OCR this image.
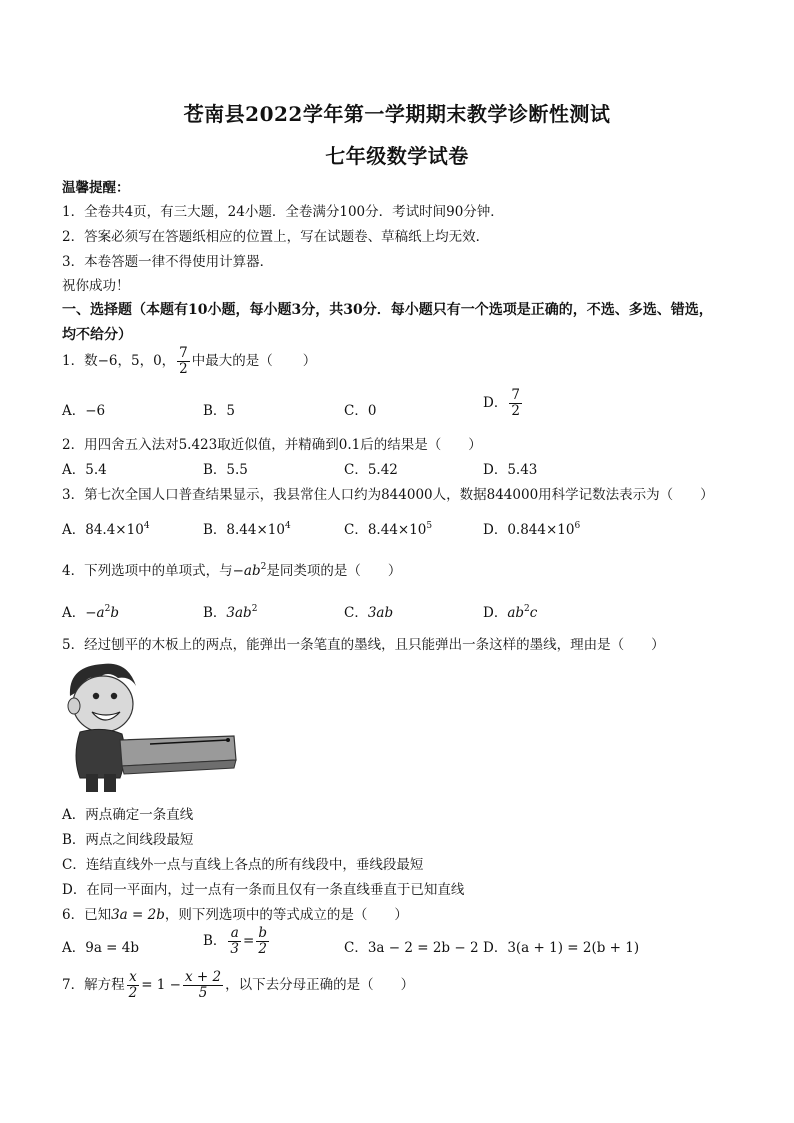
苍南县2022学年第一学期期末教学诊断性测试
七年级数学试卷
温馨提醒：
1．全卷共4页，有三大题，24小题．全卷满分100分．考试时间90分钟．
2．答案必须写在答题纸相应的位置上，写在试题卷、草稿纸上均无效．
3．本卷答题一律不得使用计算器．
祝你成功！
一、选择题（本题有10小题，每小题3分，共30分．每小题只有一个选项是正确的，不选、多选、错选，
均不给分）
1．数−6，5，0， $\frac{7}{2}$ 中最大的是（ ）
A．−6	B．5	C．0
D． $\frac{7}{2}$
2．用四舍五入法对5.423取近似值，并精确到0.1后的结果是（　　）
A．5.4	B．5.5	C．5.42	D．5.43
3．第七次全国人口普查结果显示，我县常住人口约为844000人，数据844000用科学记数法表示为（　　）
A．$84.4\times 10^4$	B．$8.44\times 10^4$	C．$8.44\times 10^5$	D．$0.844\times 10^6$
4．下列选项中的单项式，与$-ab^2$是同类项的是（　　）
A．$-a^2b$	B．$3ab^2$	C．3ab	D．$ab^2c$
5．经过刨平的木板上的两点，能弹出一条笔直的墨线，且只能弹出一条这样的墨线，理由是（　　）
A．两点确定一条直线
B．两点之间线段最短
C．连结直线外一点与直线上各点的所有线段中，垂线段最短
D．在同一平面内，过一点有一条而且仅有一条直线垂直于已知直线
6．已知3a = 2b，则下列选项中的等式成立的是（　　）
A．9a = 4b	B． $\frac{a}{3} = \frac{b}{2}$	C．3a − 2 = 2b − 2 D．3(a + 1) = 2(b + 1)
7．解方程 $\frac{x}{2} = 1 - \frac{x + 2}{5}$ ，以下去分母正确的是（　　）
